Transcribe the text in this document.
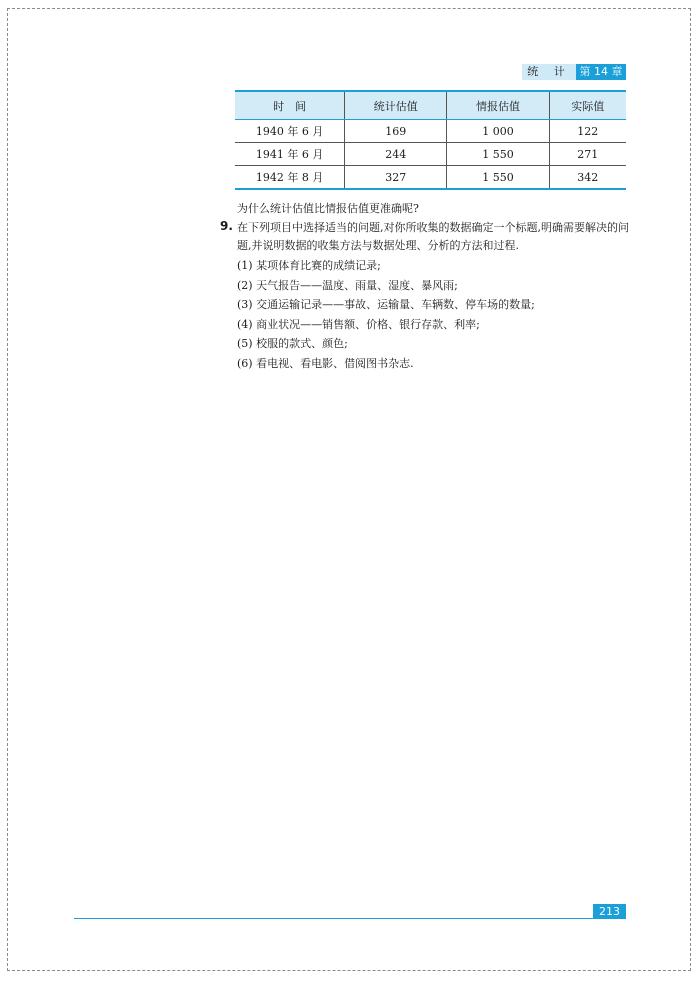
统 计 第 14 章
时　间	统计估值	情报估值	实际值
1940 年 6 月	169	1 000	122
1941 年 6 月	244	1 550	271
1942 年 8 月	327	1 550	342
为什么统计估值比情报估值更准确呢?
9. 在下列项目中选择适当的问题,对你所收集的数据确定一个标题,明确需要解决的问题,并说明数据的收集方法与数据处理、分析的方法和过程.
(1) 某项体育比赛的成绩记录;
(2) 天气报告——温度、雨量、湿度、暴风雨;
(3) 交通运输记录——事故、运输量、车辆数、停车场的数量;
(4) 商业状况——销售额、价格、银行存款、利率;
(5) 校服的款式、颜色;
(6) 看电视、看电影、借阅图书杂志.
213
